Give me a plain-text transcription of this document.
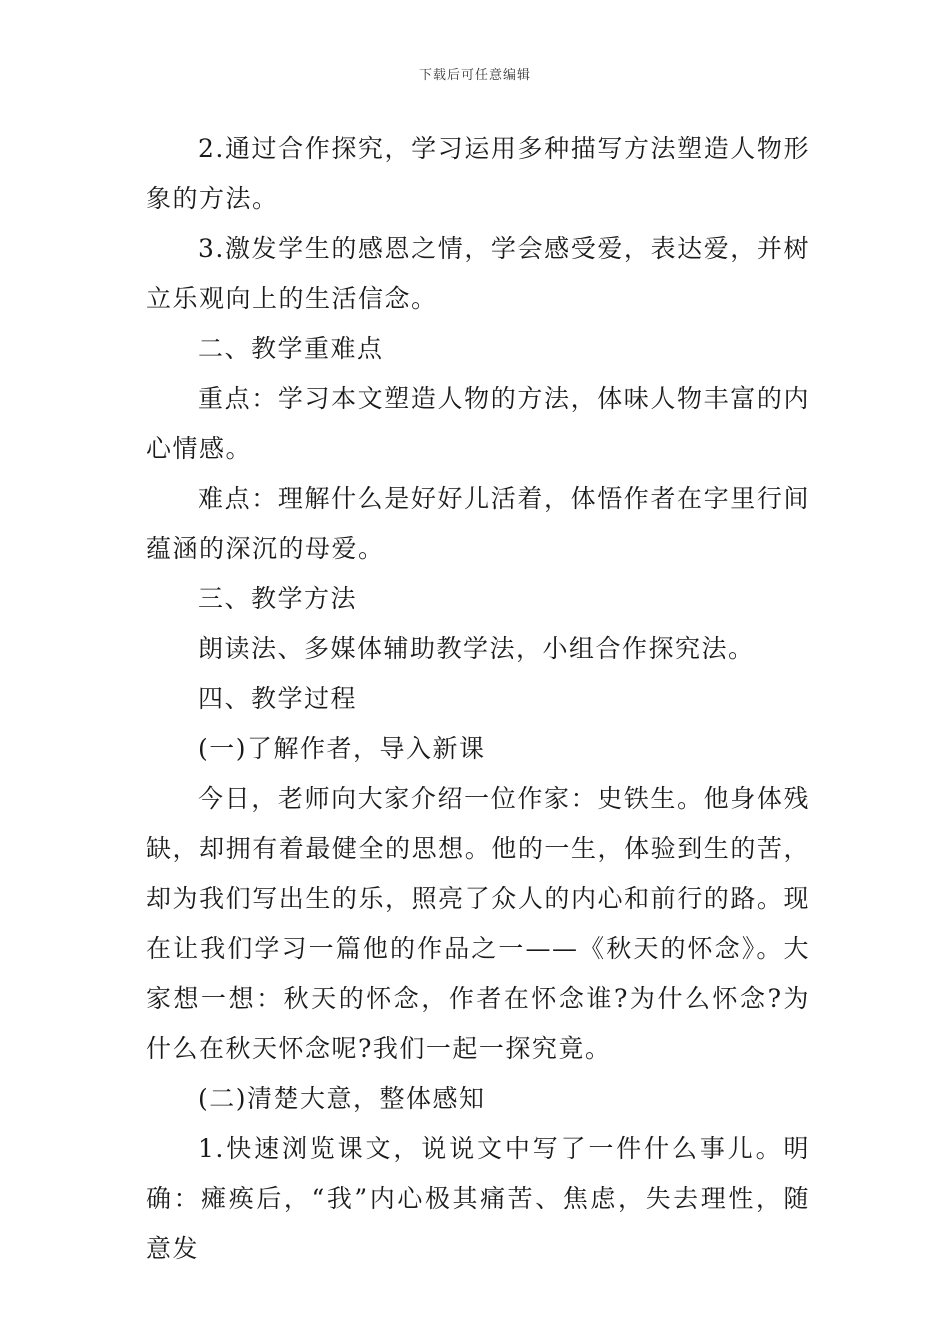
下载后可任意编辑

2.通过合作探究，学习运用多种描写方法塑造人物形象的方法。

3.激发学生的感恩之情，学会感受爱，表达爱，并树立乐观向上的生活信念。

二、教学重难点

重点：学习本文塑造人物的方法，体味人物丰富的内心情感。

难点：理解什么是好好儿活着，体悟作者在字里行间蕴涵的深沉的母爱。

三、教学方法

朗读法、多媒体辅助教学法，小组合作探究法。

四、教学过程

(一)了解作者，导入新课

今日，老师向大家介绍一位作家：史铁生。他身体残缺，却拥有着最健全的思想。他的一生，体验到生的苦，却为我们写出生的乐，照亮了众人的内心和前行的路。现在让我们学习一篇他的作品之一——《秋天的怀念》。大家想一想：秋天的怀念，作者在怀念谁?为什么怀念?为什么在秋天怀念呢?我们一起一探究竟。

(二)清楚大意，整体感知

1.快速浏览课文，说说文中写了一件什么事儿。明确：瘫痪后，“我”内心极其痛苦、焦虑，失去理性，随意发
